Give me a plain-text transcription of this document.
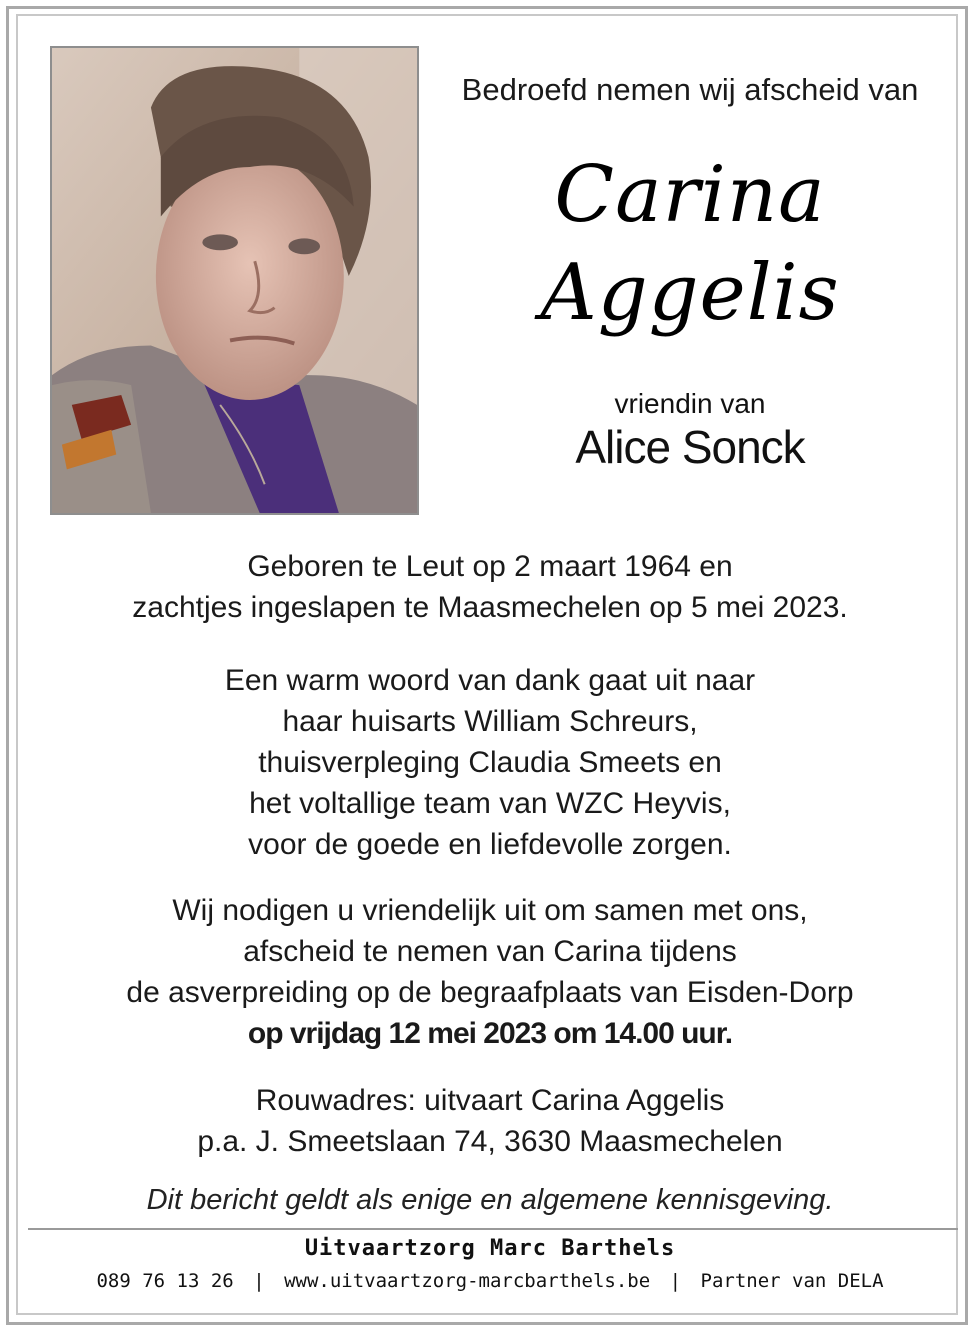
Bedroefd nemen wij afscheid van
Carina
Aggelis
vriendin van
Alice Sonck
Geboren te Leut op 2 maart 1964 en
zachtjes ingeslapen te Maasmechelen op 5 mei 2023.
Een warm woord van dank gaat uit naar
haar huisarts William Schreurs,
thuisverpleging Claudia Smeets en
het voltallige team van WZC Heyvis,
voor de goede en liefdevolle zorgen.
Wij nodigen u vriendelijk uit om samen met ons,
afscheid te nemen van Carina tijdens
de asverpreiding op de begraafplaats van Eisden-Dorp
op vrijdag 12 mei 2023 om 14.00 uur.
Rouwadres: uitvaart Carina Aggelis
p.a. J. Smeetslaan 74, 3630 Maasmechelen
Dit bericht geldt als enige en algemene kennisgeving.
Uitvaartzorg Marc Barthels
089 76 13 26 | www.uitvaartzorg-marcbarthels.be | Partner van DELA
